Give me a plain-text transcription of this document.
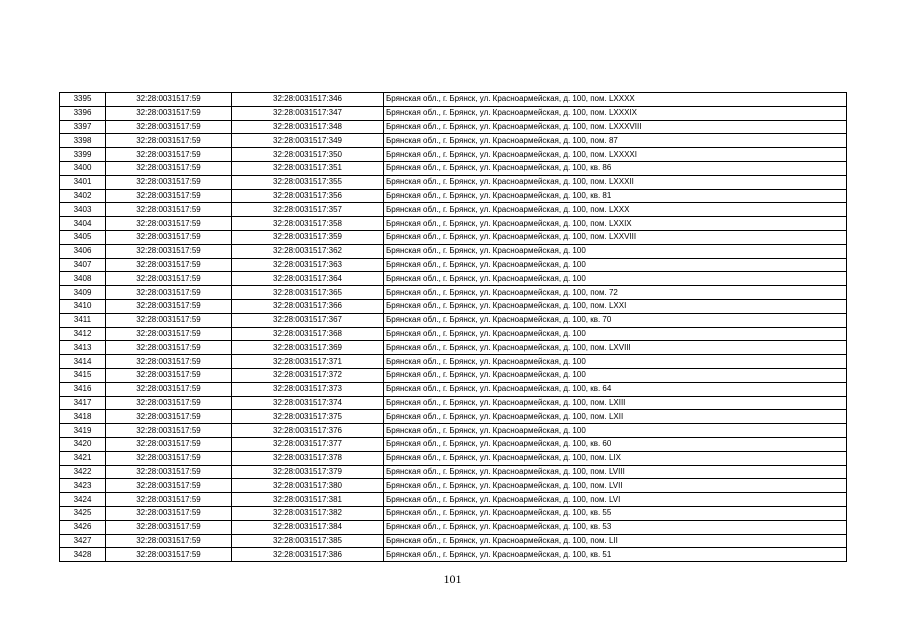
3395	32:28:0031517:59	32:28:0031517:346	Брянская обл., г. Брянск, ул. Красноармейская, д. 100, пом. LXXXX
3396	32:28:0031517:59	32:28:0031517:347	Брянская обл., г. Брянск, ул. Красноармейская, д. 100, пом. LXXXIX
3397	32:28:0031517:59	32:28:0031517:348	Брянская обл., г. Брянск, ул. Красноармейская, д. 100, пом. LXXXVIII
3398	32:28:0031517:59	32:28:0031517:349	Брянская обл., г. Брянск, ул. Красноармейская, д. 100, пом. 87
3399	32:28:0031517:59	32:28:0031517:350	Брянская обл., г. Брянск, ул. Красноармейская, д. 100, пом. LXXXXI
3400	32:28:0031517:59	32:28:0031517:351	Брянская обл., г. Брянск, ул. Красноармейская, д. 100, кв. 86
3401	32:28:0031517:59	32:28:0031517:355	Брянская обл., г. Брянск, ул. Красноармейская, д. 100, пом. LXXXII
3402	32:28:0031517:59	32:28:0031517:356	Брянская обл., г. Брянск, ул. Красноармейская, д. 100, кв. 81
3403	32:28:0031517:59	32:28:0031517:357	Брянская обл., г. Брянск, ул. Красноармейская, д. 100, пом. LXXX
3404	32:28:0031517:59	32:28:0031517:358	Брянская обл., г. Брянск, ул. Красноармейская, д. 100, пом. LXXIX
3405	32:28:0031517:59	32:28:0031517:359	Брянская обл., г. Брянск, ул. Красноармейская, д. 100, пом. LXXVIII
3406	32:28:0031517:59	32:28:0031517:362	Брянская обл., г. Брянск, ул. Красноармейская, д. 100
3407	32:28:0031517:59	32:28:0031517:363	Брянская обл., г. Брянск, ул. Красноармейская, д. 100
3408	32:28:0031517:59	32:28:0031517:364	Брянская обл., г. Брянск, ул. Красноармейская, д. 100
3409	32:28:0031517:59	32:28:0031517:365	Брянская обл., г. Брянск, ул. Красноармейская, д. 100, пом. 72
3410	32:28:0031517:59	32:28:0031517:366	Брянская обл., г. Брянск, ул. Красноармейская, д. 100, пом. LXXI
3411	32:28:0031517:59	32:28:0031517:367	Брянская обл., г. Брянск, ул. Красноармейская, д. 100, кв. 70
3412	32:28:0031517:59	32:28:0031517:368	Брянская обл., г. Брянск, ул. Красноармейская, д. 100
3413	32:28:0031517:59	32:28:0031517:369	Брянская обл., г. Брянск, ул. Красноармейская, д. 100, пом. LXVIII
3414	32:28:0031517:59	32:28:0031517:371	Брянская обл., г. Брянск, ул. Красноармейская, д. 100
3415	32:28:0031517:59	32:28:0031517:372	Брянская обл., г. Брянск, ул. Красноармейская, д. 100
3416	32:28:0031517:59	32:28:0031517:373	Брянская обл., г. Брянск, ул. Красноармейская, д. 100, кв. 64
3417	32:28:0031517:59	32:28:0031517:374	Брянская обл., г. Брянск, ул. Красноармейская, д. 100, пом. LXIII
3418	32:28:0031517:59	32:28:0031517:375	Брянская обл., г. Брянск, ул. Красноармейская, д. 100, пом. LXII
3419	32:28:0031517:59	32:28:0031517:376	Брянская обл., г. Брянск, ул. Красноармейская, д. 100
3420	32:28:0031517:59	32:28:0031517:377	Брянская обл., г. Брянск, ул. Красноармейская, д. 100, кв. 60
3421	32:28:0031517:59	32:28:0031517:378	Брянская обл., г. Брянск, ул. Красноармейская, д. 100, пом. LIX
3422	32:28:0031517:59	32:28:0031517:379	Брянская обл., г. Брянск, ул. Красноармейская, д. 100, пом. LVIII
3423	32:28:0031517:59	32:28:0031517:380	Брянская обл., г. Брянск, ул. Красноармейская, д. 100, пом. LVII
3424	32:28:0031517:59	32:28:0031517:381	Брянская обл., г. Брянск, ул. Красноармейская, д. 100, пом. LVI
3425	32:28:0031517:59	32:28:0031517:382	Брянская обл., г. Брянск, ул. Красноармейская, д. 100, кв. 55
3426	32:28:0031517:59	32:28:0031517:384	Брянская обл., г. Брянск, ул. Красноармейская, д. 100, кв. 53
3427	32:28:0031517:59	32:28:0031517:385	Брянская обл., г. Брянск, ул. Красноармейская, д. 100, пом. LII
3428	32:28:0031517:59	32:28:0031517:386	Брянская обл., г. Брянск, ул. Красноармейская, д. 100, кв. 51
101
